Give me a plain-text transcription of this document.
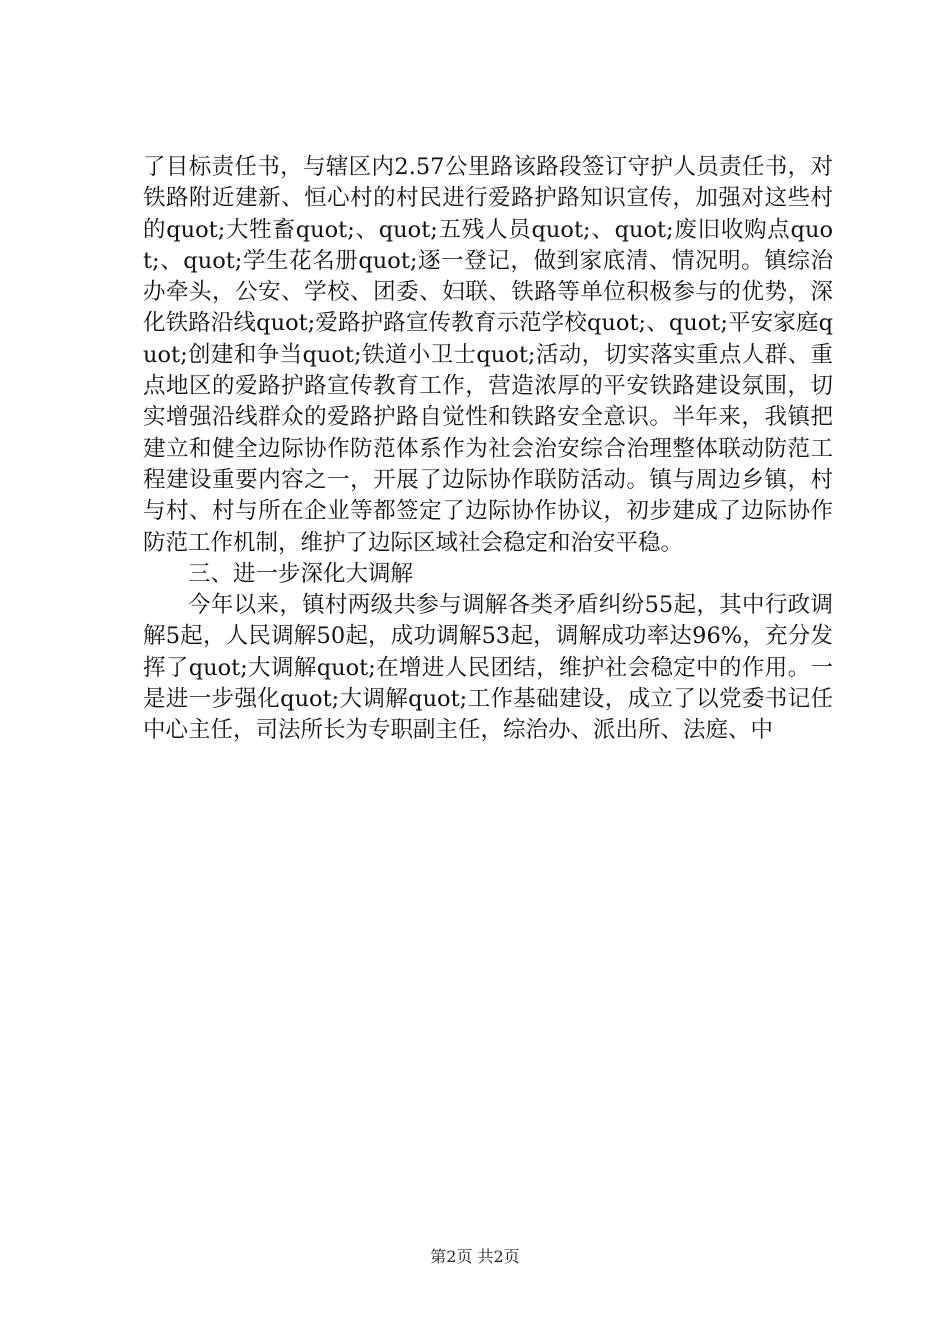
了目标责任书，与辖区内2.57公里路该路段签订守护人员责任书，对铁路附近建新、恒心村的村民进行爱路护路知识宣传，加强对这些村的quot;大牲畜quot;、quot;五残人员quot;、quot;废旧收购点quot;、quot;学生花名册quot;逐一登记，做到家底清、情况明。镇综治办牵头，公安、学校、团委、妇联、铁路等单位积极参与的优势，深化铁路沿线quot;爱路护路宣传教育示范学校quot;、quot;平安家庭quot;创建和争当quot;铁道小卫士quot;活动，切实落实重点人群、重点地区的爱路护路宣传教育工作，营造浓厚的平安铁路建设氛围，切实增强沿线群众的爱路护路自觉性和铁路安全意识。半年来，我镇把建立和健全边际协作防范体系作为社会治安综合治理整体联动防范工程建设重要内容之一，开展了边际协作联防活动。镇与周边乡镇，村与村、村与所在企业等都签定了边际协作协议，初步建成了边际协作防范工作机制，维护了边际区域社会稳定和治安平稳。

三、进一步深化大调解

今年以来，镇村两级共参与调解各类矛盾纠纷55起，其中行政调解5起，人民调解50起，成功调解53起，调解成功率达96%，充分发挥了quot;大调解quot;在增进人民团结，维护社会稳定中的作用。一是进一步强化quot;大调解quot;工作基础建设，成立了以党委书记任中心主任，司法所长为专职副主任，综治办、派出所、法庭、中

第2页 共2页
